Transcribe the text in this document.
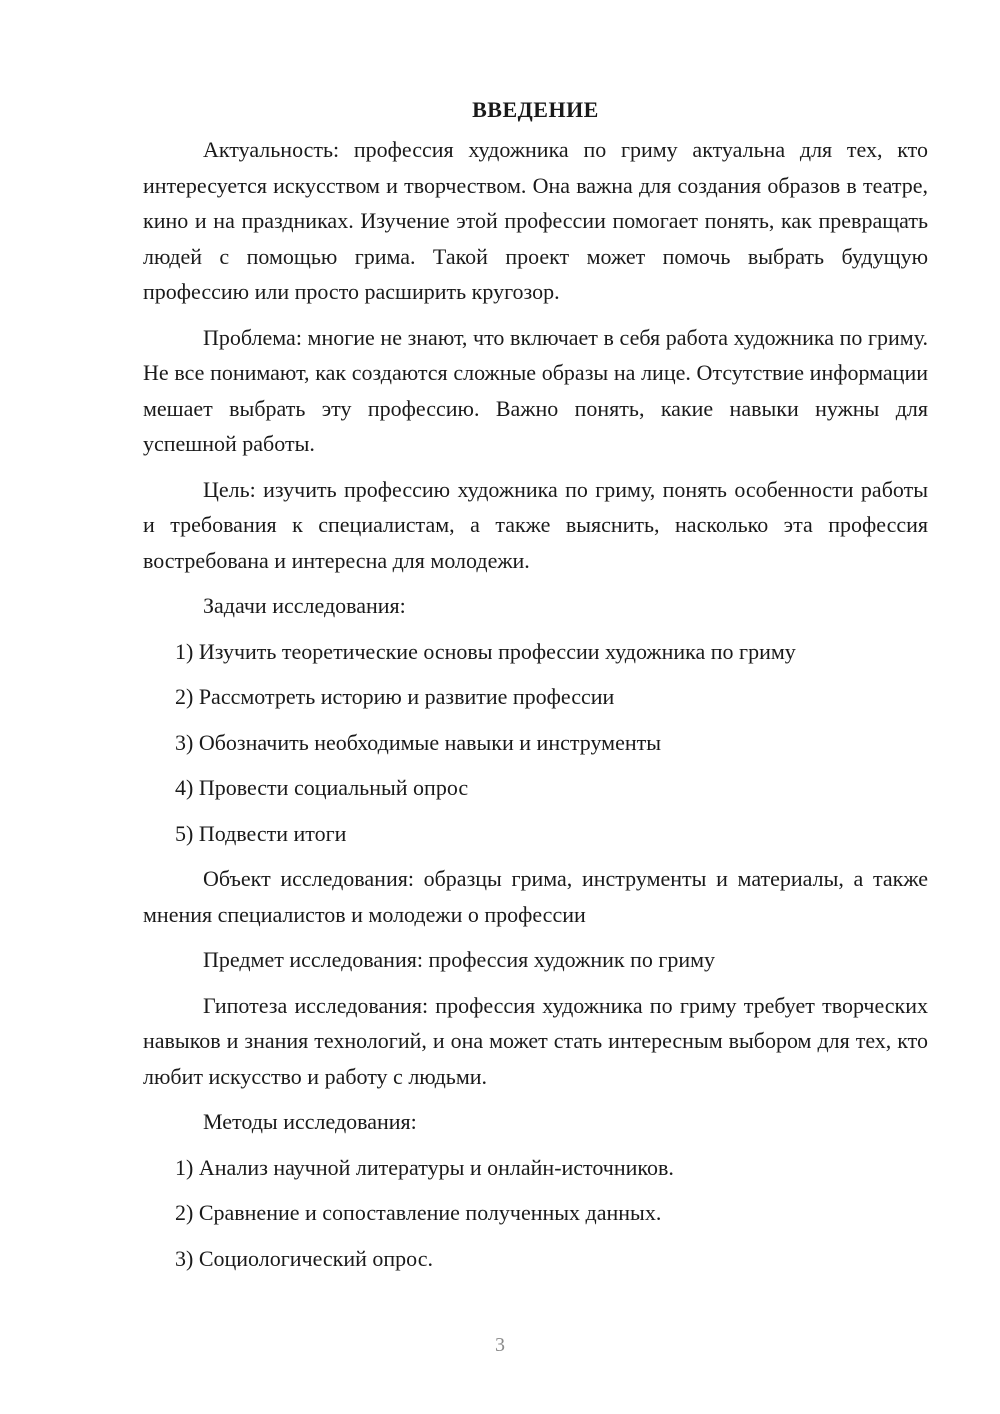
ВВЕДЕНИЕ

Актуальность: профессия художника по гриму актуальна для тех, кто интересуется искусством и творчеством. Она важна для создания образов в театре, кино и на праздниках. Изучение этой профессии помогает понять, как превращать людей с помощью грима. Такой проект может помочь выбрать будущую профессию или просто расширить кругозор.

Проблема: многие не знают, что включает в себя работа художника по гриму. Не все понимают, как создаются сложные образы на лице. Отсутствие информации мешает выбрать эту профессию. Важно понять, какие навыки нужны для успешной работы.

Цель: изучить профессию художника по гриму, понять особенности работы и требования к специалистам, а также выяснить, насколько эта профессия востребована и интересна для молодежи.

Задачи исследования:

1) Изучить теоретические основы профессии художника по гриму
2) Рассмотреть историю и развитие профессии
3) Обозначить необходимые навыки и инструменты
4) Провести социальный опрос
5) Подвести итоги

Объект исследования: образцы грима, инструменты и материалы, а также мнения специалистов и молодежи о профессии

Предмет исследования: профессия художник по гриму

Гипотеза исследования: профессия художника по гриму требует творческих навыков и знания технологий, и она может стать интересным выбором для тех, кто любит искусство и работу с людьми.

Методы исследования:

1) Анализ научной литературы и онлайн-источников.
2) Сравнение и сопоставление полученных данных.
3) Социологический опрос.
3
